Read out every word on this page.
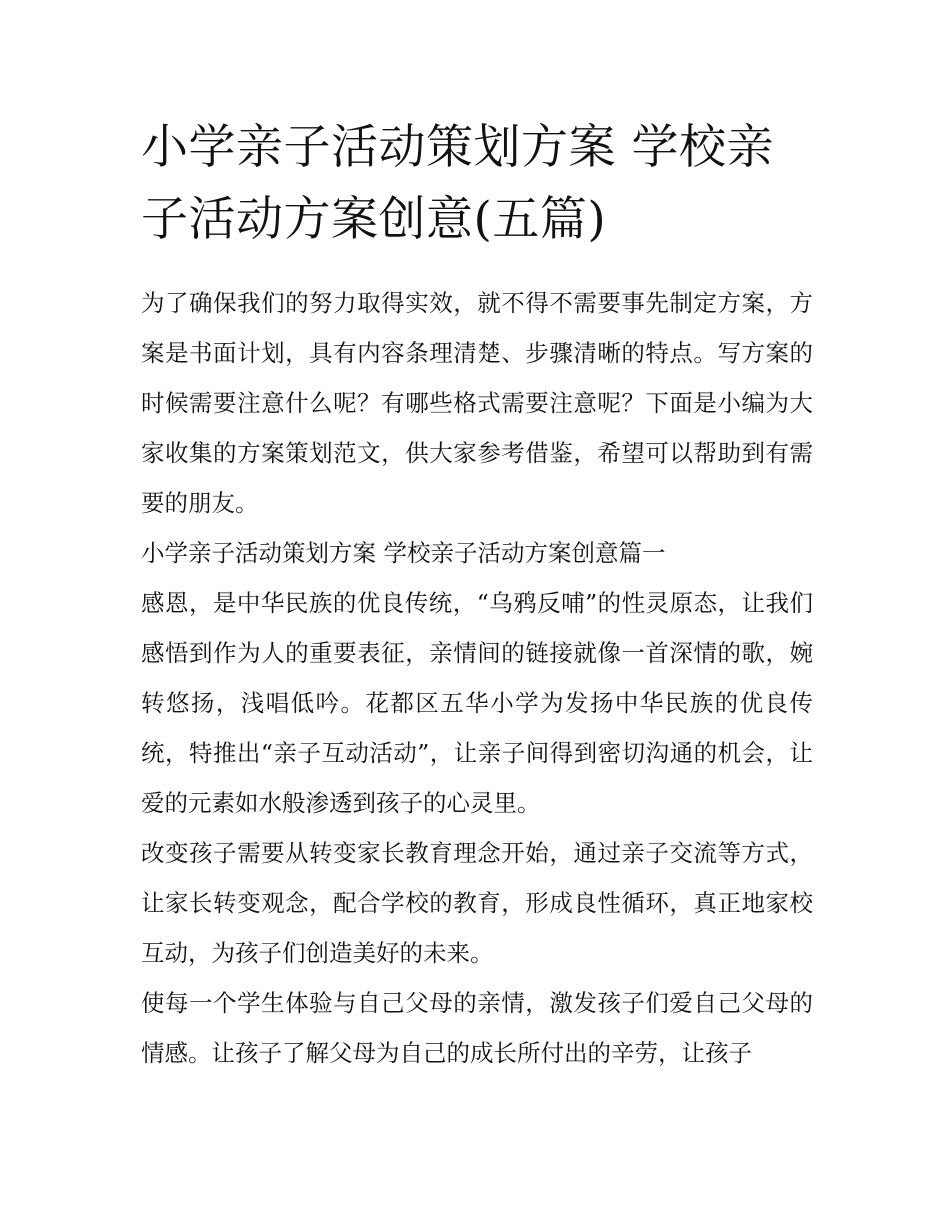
小学亲子活动策划方案 学校亲子活动方案创意(五篇)

为了确保我们的努力取得实效，就不得不需要事先制定方案，方案是书面计划，具有内容条理清楚、步骤清晰的特点。写方案的时候需要注意什么呢？有哪些格式需要注意呢？下面是小编为大家收集的方案策划范文，供大家参考借鉴，希望可以帮助到有需要的朋友。

小学亲子活动策划方案 学校亲子活动方案创意篇一

感恩，是中华民族的优良传统，“乌鸦反哺”的性灵原态，让我们感悟到作为人的重要表征，亲情间的链接就像一首深情的歌，婉转悠扬，浅唱低吟。花都区五华小学为发扬中华民族的优良传统，特推出“亲子互动活动”，让亲子间得到密切沟通的机会，让爱的元素如水般渗透到孩子的心灵里。

改变孩子需要从转变家长教育理念开始，通过亲子交流等方式，让家长转变观念，配合学校的教育，形成良性循环，真正地家校互动，为孩子们创造美好的未来。

使每一个学生体验与自己父母的亲情，激发孩子们爱自己父母的情感。让孩子了解父母为自己的成长所付出的辛劳，让孩子
